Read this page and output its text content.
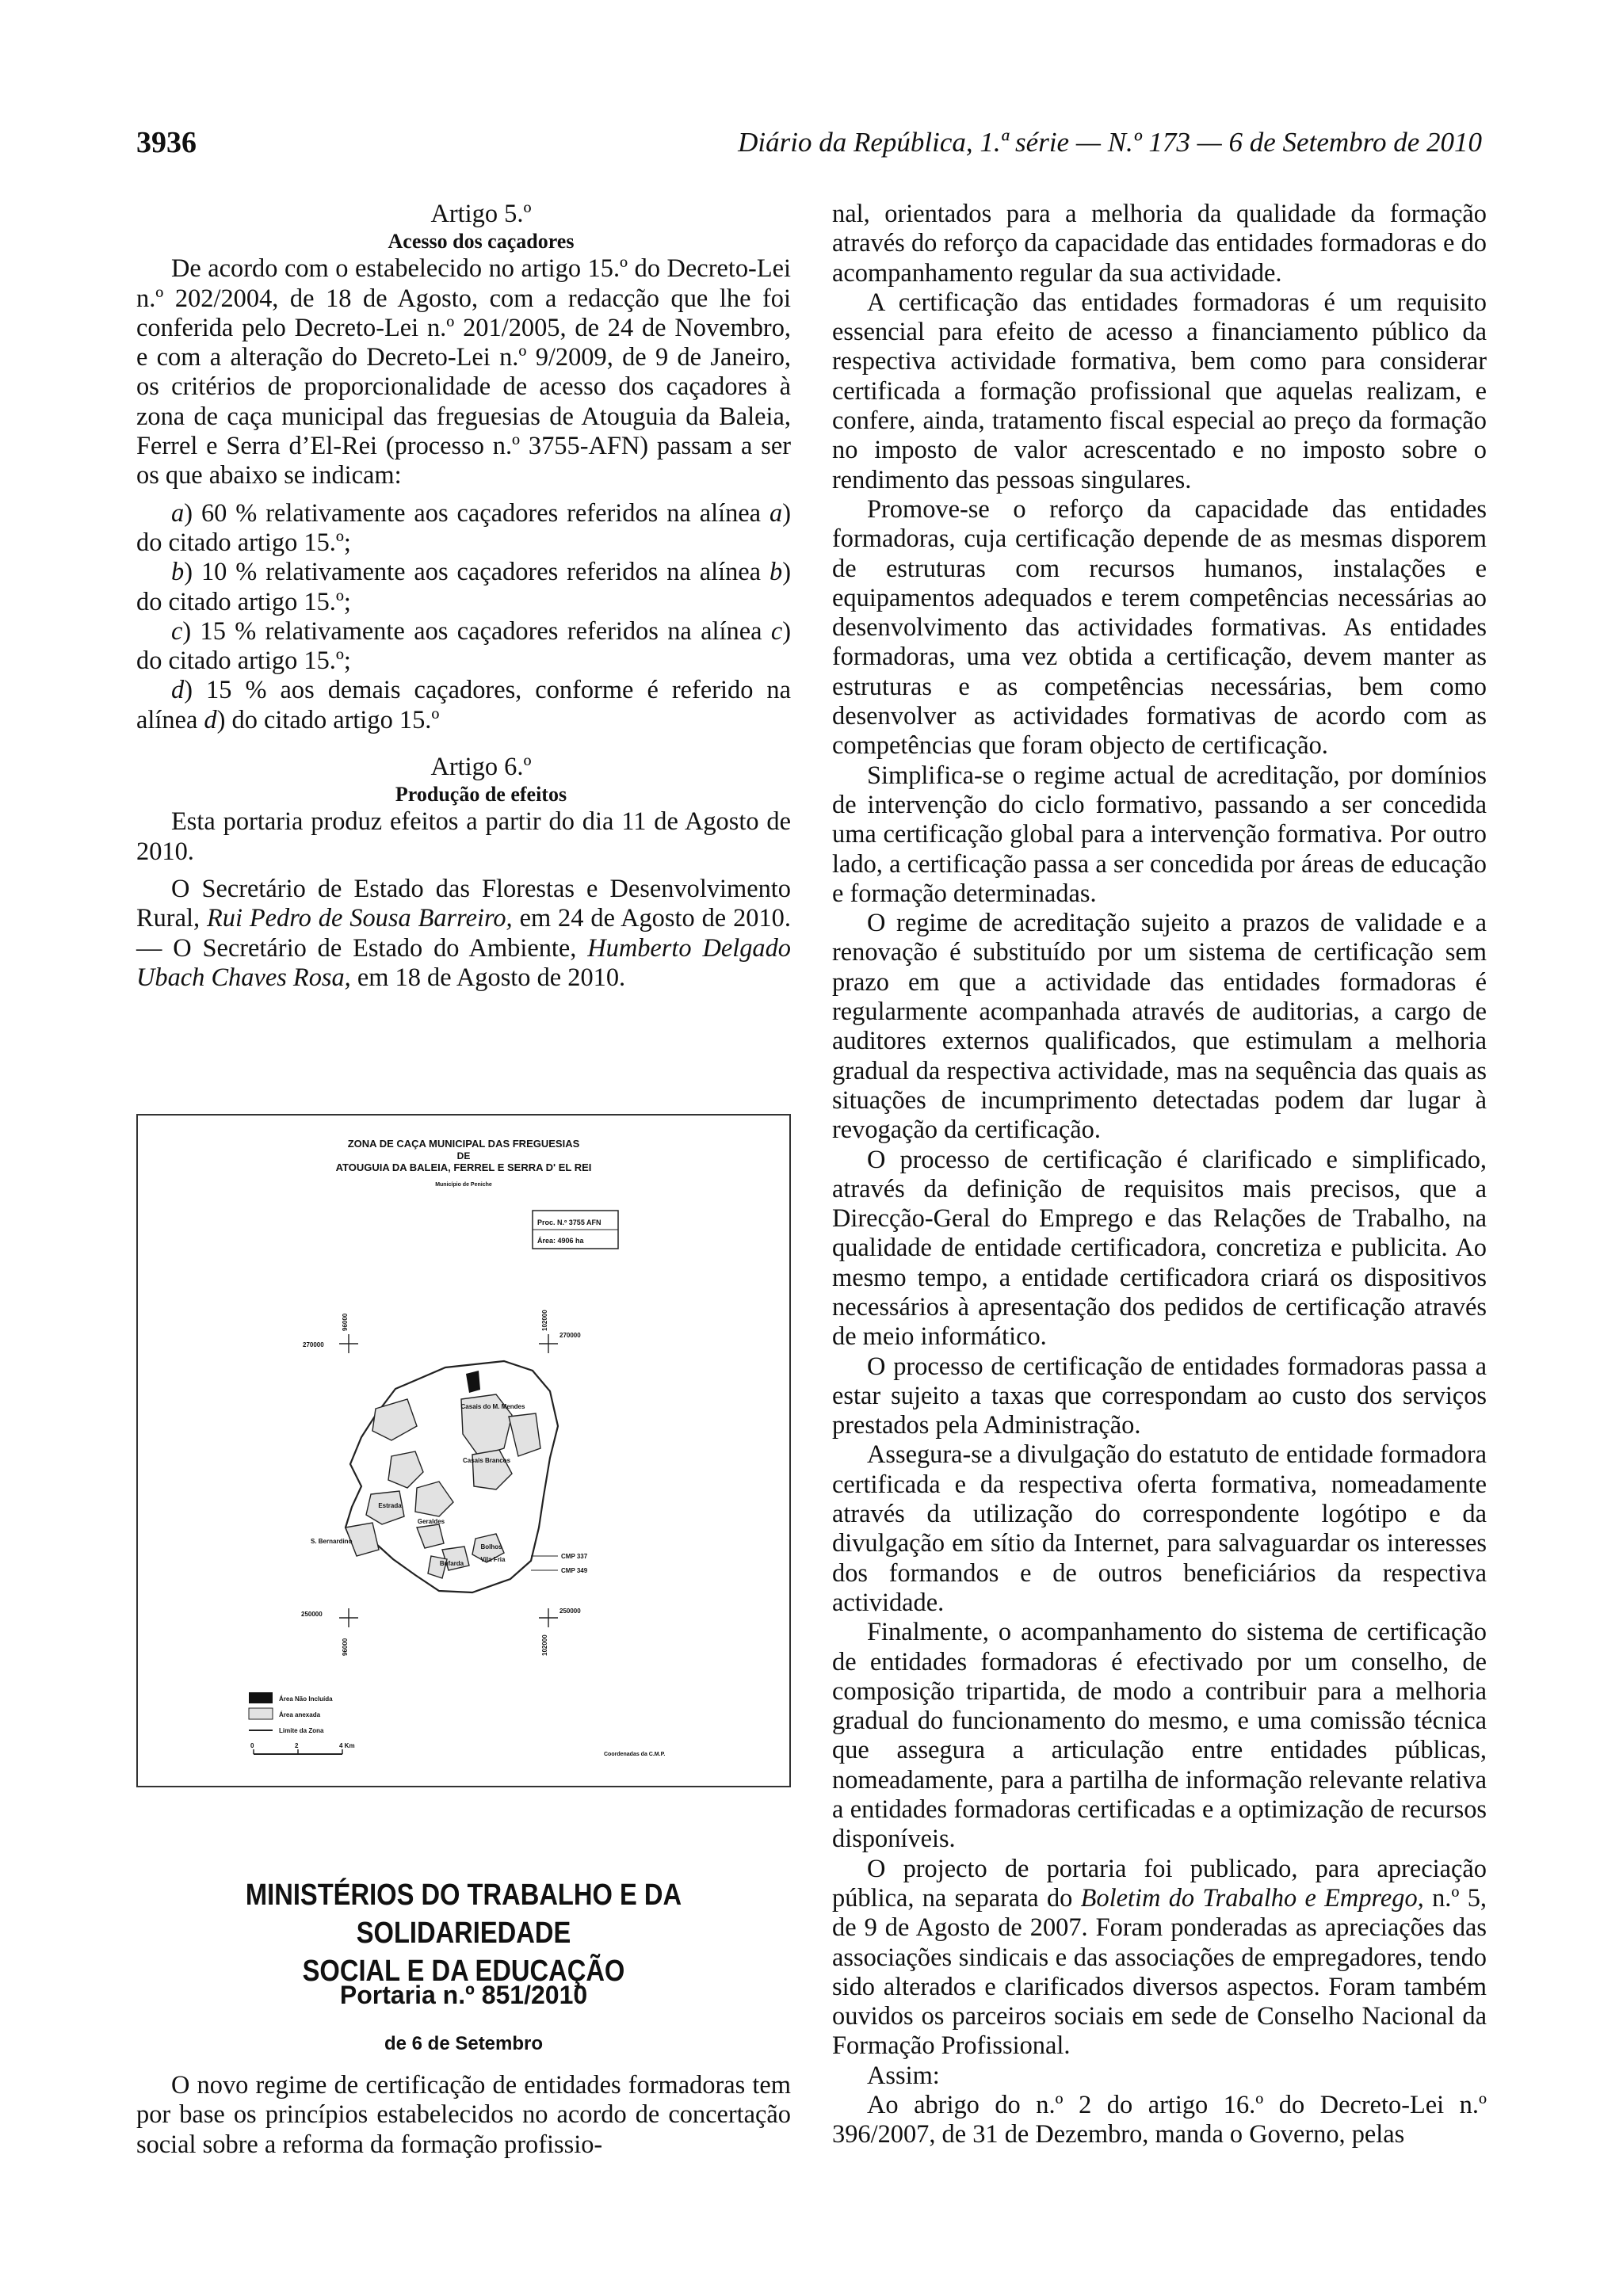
3936	Diário da República, 1.ª série — N.º 173 — 6 de Setembro de 2010

Artigo 5.º

Acesso dos caçadores

De acordo com o estabelecido no artigo 15.º do Decreto-Lei n.º 202/2004, de 18 de Agosto, com a redacção que lhe foi conferida pelo Decreto-Lei n.º 201/2005, de 24 de Novembro, e com a alteração do Decreto-Lei n.º 9/2009, de 9 de Janeiro, os critérios de proporcionalidade de acesso dos caçadores à zona de caça municipal das freguesias de Atouguia da Baleia, Ferrel e Serra d’El-Rei (processo n.º 3755-AFN) passam a ser os que abaixo se indicam:

a) 60 % relativamente aos caçadores referidos na alínea a) do citado artigo 15.º;

b) 10 % relativamente aos caçadores referidos na alínea b) do citado artigo 15.º;

c) 15 % relativamente aos caçadores referidos na alínea c) do citado artigo 15.º;

d) 15 % aos demais caçadores, conforme é referido na alínea d) do citado artigo 15.º

Artigo 6.º

Produção de efeitos

Esta portaria produz efeitos a partir do dia 11 de Agosto de 2010.

O Secretário de Estado das Florestas e Desenvolvimento Rural, Rui Pedro de Sousa Barreiro, em 24 de Agosto de 2010. — O Secretário de Estado do Ambiente, Humberto Delgado Ubach Chaves Rosa, em 18 de Agosto de 2010.

ZONA DE CAÇA MUNICIPAL DAS FREGUESIAS
DE
ATOUGUIA DA BALEIA, FERREL E SERRA D' EL REI
Município de Peniche
Proc. N.º 3755 AFN
Área: 4906 ha
270000
270000
250000	250000
96000	102000
96000	102000
Casais do M. Mendes
Casais Brancos
Estrada
Geraldes
S. Bernardino
Bolhos
Bufarda
Vila Fria	CMP 337
CMP 349
Área Não Incluída
Área anexada
Limite da Zona
0	2	4 Km
Coordenadas da C.M.P.
MINISTÉRIOS DO TRABALHO E DA SOLIDARIEDADE
SOCIAL E DA EDUCAÇÃO
Portaria n.º 851/2010
de 6 de Setembro

O novo regime de certificação de entidades formadoras tem por base os princípios estabelecidos no acordo de concertação social sobre a reforma da formação profissio-

nal, orientados para a melhoria da qualidade da formação através do reforço da capacidade das entidades formadoras e do acompanhamento regular da sua actividade.

A certificação das entidades formadoras é um requisito essencial para efeito de acesso a financiamento público da respectiva actividade formativa, bem como para considerar certificada a formação profissional que aquelas realizam, e confere, ainda, tratamento fiscal especial ao preço da formação no imposto de valor acrescentado e no imposto sobre o rendimento das pessoas singulares.

Promove-se o reforço da capacidade das entidades formadoras, cuja certificação depende de as mesmas disporem de estruturas com recursos humanos, instalações e equipamentos adequados e terem competências necessárias ao desenvolvimento das actividades formativas. As entidades formadoras, uma vez obtida a certificação, devem manter as estruturas e as competências necessárias, bem como desenvolver as actividades formativas de acordo com as competências que foram objecto de certificação.

Simplifica-se o regime actual de acreditação, por domínios de intervenção do ciclo formativo, passando a ser concedida uma certificação global para a intervenção formativa. Por outro lado, a certificação passa a ser concedida por áreas de educação e formação determinadas.

O regime de acreditação sujeito a prazos de validade e a renovação é substituído por um sistema de certificação sem prazo em que a actividade das entidades formadoras é regularmente acompanhada através de auditorias, a cargo de auditores externos qualificados, que estimulam a melhoria gradual da respectiva actividade, mas na sequência das quais as situações de incumprimento detectadas podem dar lugar à revogação da certificação.

O processo de certificação é clarificado e simplificado, através da definição de requisitos mais precisos, que a Direcção-Geral do Emprego e das Relações de Trabalho, na qualidade de entidade certificadora, concretiza e publicita. Ao mesmo tempo, a entidade certificadora criará os dispositivos necessários à apresentação dos pedidos de certificação através de meio informático.

O processo de certificação de entidades formadoras passa a estar sujeito a taxas que correspondam ao custo dos serviços prestados pela Administração.

Assegura-se a divulgação do estatuto de entidade formadora certificada e da respectiva oferta formativa, nomeadamente através da utilização do correspondente logótipo e da divulgação em sítio da Internet, para salvaguardar os interesses dos formandos e de outros beneficiários da respectiva actividade.

Finalmente, o acompanhamento do sistema de certificação de entidades formadoras é efectivado por um conselho, de composição tripartida, de modo a contribuir para a melhoria gradual do funcionamento do mesmo, e uma comissão técnica que assegura a articulação entre entidades públicas, nomeadamente, para a partilha de informação relevante relativa a entidades formadoras certificadas e a optimização de recursos disponíveis.

O projecto de portaria foi publicado, para apreciação pública, na separata do Boletim do Trabalho e Emprego, n.º 5, de 9 de Agosto de 2007. Foram ponderadas as apreciações das associações sindicais e das associações de empregadores, tendo sido alterados e clarificados diversos aspectos. Foram também ouvidos os parceiros sociais em sede de Conselho Nacional da Formação Profissional.

Assim:

Ao abrigo do n.º 2 do artigo 16.º do Decreto-Lei n.º 396/2007, de 31 de Dezembro, manda o Governo, pelas
